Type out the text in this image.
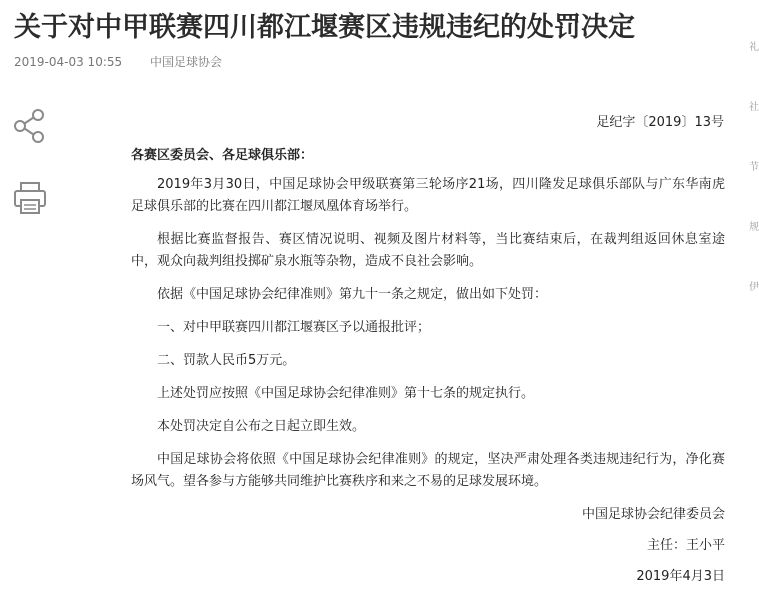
关于对中甲联赛四川都江堰赛区违规违纪的处罚决定
2019-04-03 10:55 中国足球协会
足纪字〔2019〕13号

各赛区委员会、各足球俱乐部：

2019年3月30日，中国足球协会甲级联赛第三轮场序21场，四川隆发足球俱乐部队与广东华南虎足球俱乐部的比赛在四川都江堰凤凰体育场举行。

根据比赛监督报告、赛区情况说明、视频及图片材料等，当比赛结束后，在裁判组返回休息室途中，观众向裁判组投掷矿泉水瓶等杂物，造成不良社会影响。

依据《中国足球协会纪律准则》第九十一条之规定，做出如下处罚：

一、对中甲联赛四川都江堰赛区予以通报批评；

二、罚款人民币5万元。

上述处罚应按照《中国足球协会纪律准则》第十七条的规定执行。

本处罚决定自公布之日起立即生效。

中国足球协会将依照《中国足球协会纪律准则》的规定，坚决严肃处理各类违规违纪行为，净化赛场风气。望各参与方能够共同维护比赛秩序和来之不易的足球发展环境。

中国足球协会纪律委员会

主任：王小平

2019年4月3日

礼
社
节
规
伊
